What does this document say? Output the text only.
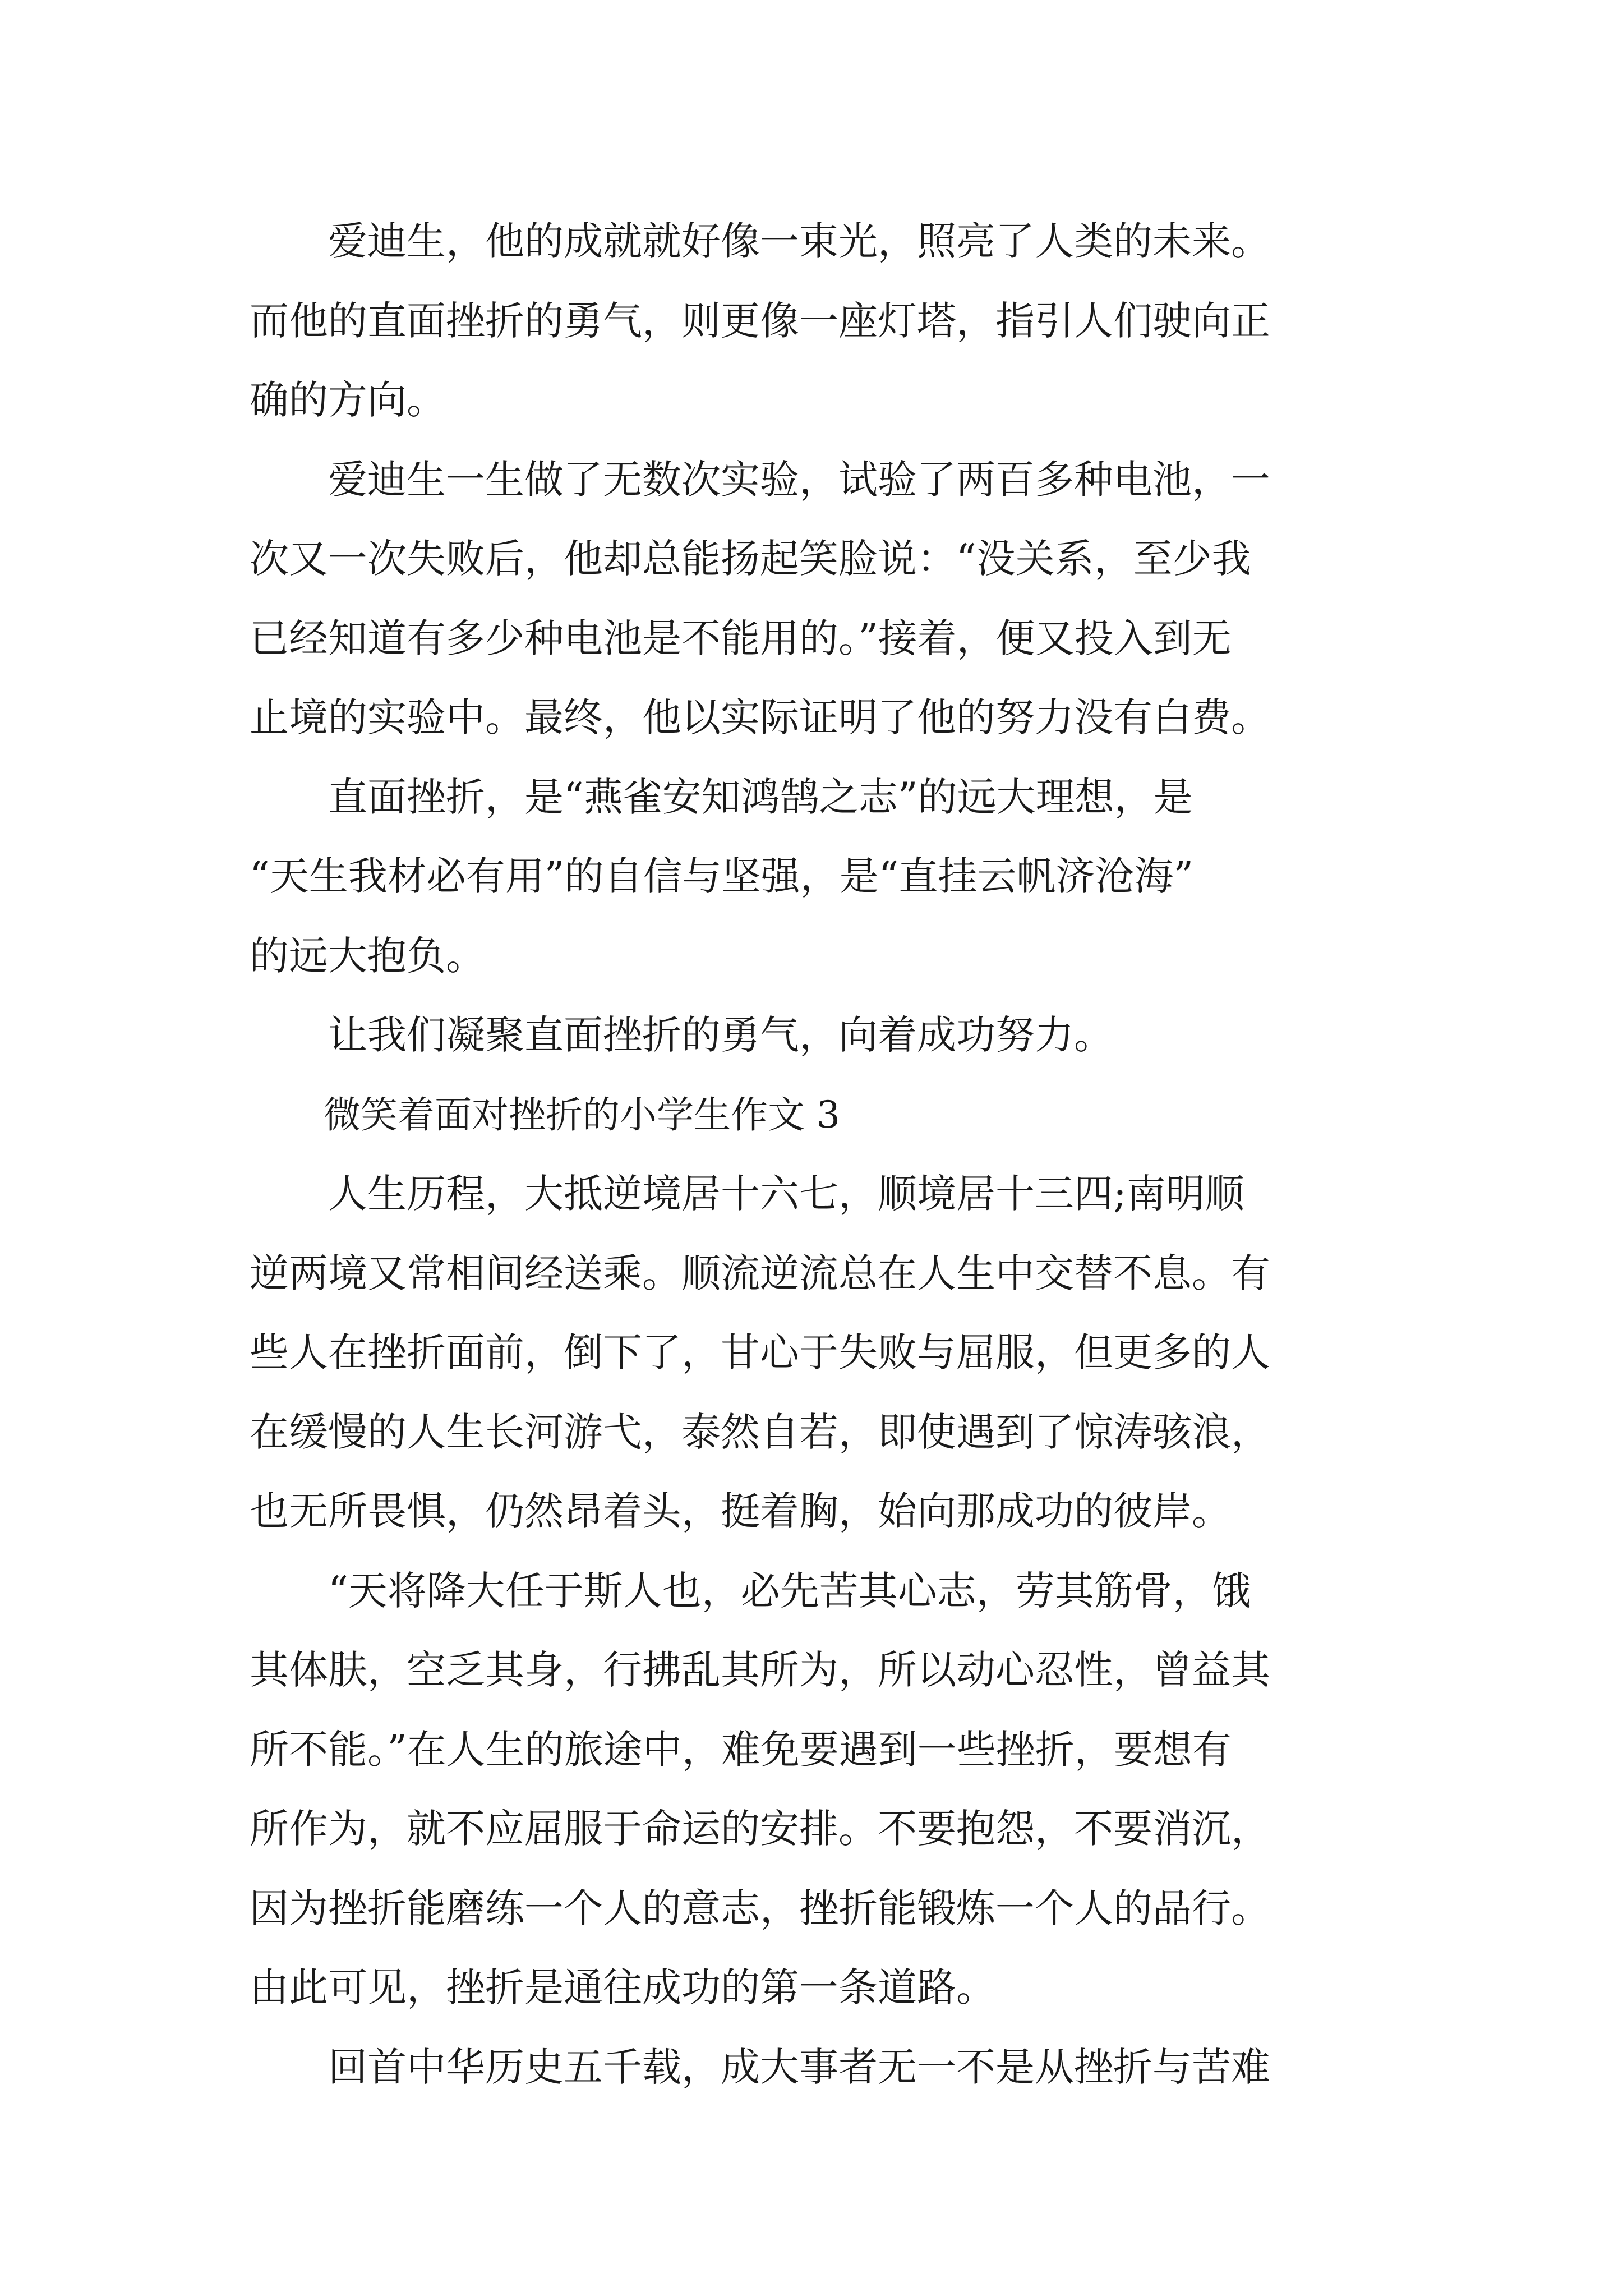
　　爱迪生，他的成就就好像一束光，照亮了人类的未来。
而他的直面挫折的勇气，则更像一座灯塔，指引人们驶向正
确的方向。
　　爱迪生一生做了无数次实验，试验了两百多种电池，一
次又一次失败后，他却总能扬起笑脸说：“没关系，至少我
已经知道有多少种电池是不能用的。”接着，便又投入到无
止境的实验中。最终，他以实际证明了他的努力没有白费。
　　直面挫折，是“燕雀安知鸿鹄之志”的远大理想，是
“天生我材必有用”的自信与坚强，是“直挂云帆济沧海”
的远大抱负。
　　让我们凝聚直面挫折的勇气，向着成功努力。
　　微笑着面对挫折的小学生作文 3
　　人生历程，大抵逆境居十六七，顺境居十三四;南明顺
逆两境又常相间经送乘。顺流逆流总在人生中交替不息。有
些人在挫折面前，倒下了，甘心于失败与屈服，但更多的人
在缓慢的人生长河游弋，泰然自若，即使遇到了惊涛骇浪，
也无所畏惧，仍然昂着头，挺着胸，始向那成功的彼岸。
　　“天将降大任于斯人也，必先苦其心志，劳其筋骨，饿
其体肤，空乏其身，行拂乱其所为，所以动心忍性，曾益其
所不能。”在人生的旅途中，难免要遇到一些挫折，要想有
所作为，就不应屈服于命运的安排。不要抱怨，不要消沉，
因为挫折能磨练一个人的意志，挫折能锻炼一个人的品行。
由此可见，挫折是通往成功的第一条道路。
　　回首中华历史五千载，成大事者无一不是从挫折与苦难
